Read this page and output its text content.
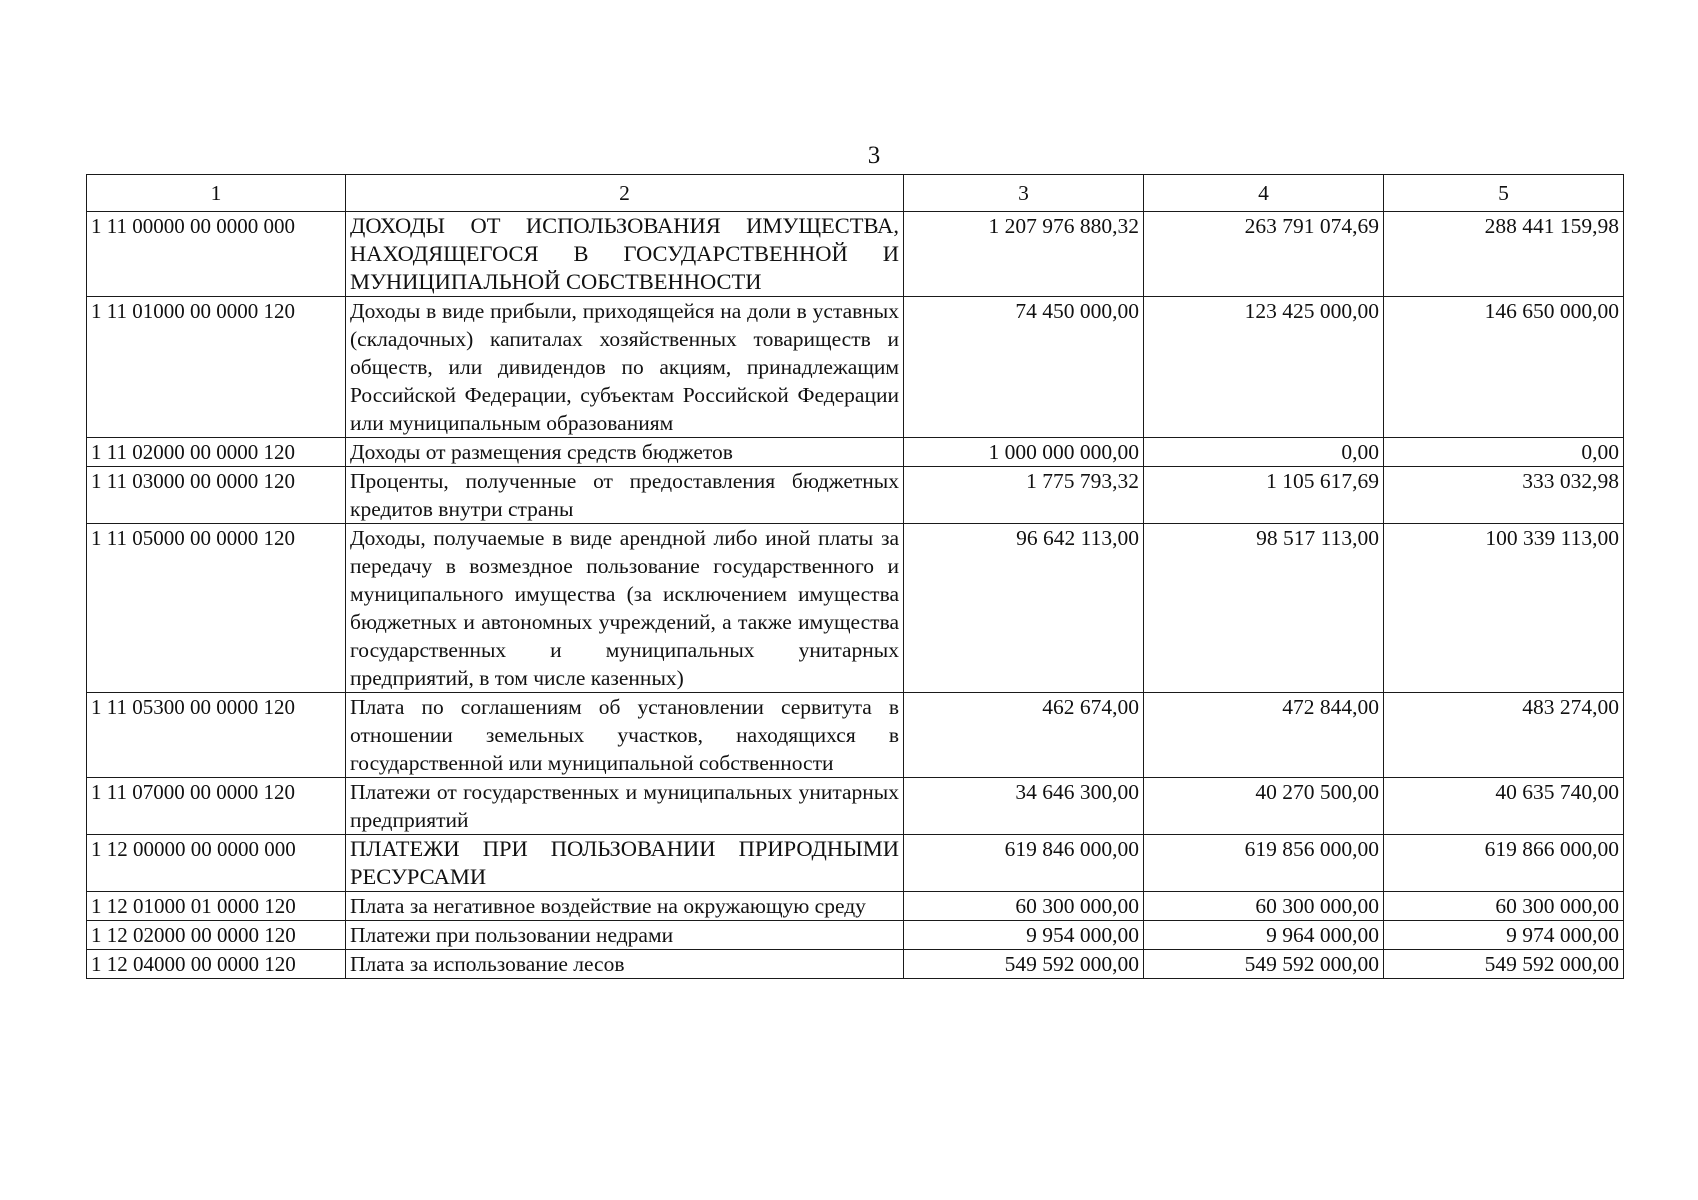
3
1	2	3	4	5
1 11 00000 00 0000 000	ДОХОДЫ ОТ ИСПОЛЬЗОВАНИЯ ИМУЩЕСТВА, НАХОДЯЩЕГОСЯ В ГОСУДАРСТВЕННОЙ И МУНИЦИПАЛЬНОЙ СОБСТВЕННОСТИ	1 207 976 880,32	263 791 074,69	288 441 159,98
1 11 01000 00 0000 120	Доходы в виде прибыли, приходящейся на доли в уставных (складочных) капиталах хозяйственных товариществ и обществ, или дивидендов по акциям, принадлежащим Российской Федерации, субъектам Российской Федерации или муниципальным образованиям	74 450 000,00	123 425 000,00	146 650 000,00
1 11 02000 00 0000 120	Доходы от размещения средств бюджетов	1 000 000 000,00	0,00	0,00
1 11 03000 00 0000 120	Проценты, полученные от предоставления бюджетных кредитов внутри страны	1 775 793,32	1 105 617,69	333 032,98
1 11 05000 00 0000 120	Доходы, получаемые в виде арендной либо иной платы за передачу в возмездное пользование государственного и муниципального имущества (за исключением имущества бюджетных и автономных учреждений, а также имущества государственных и муниципальных унитарных предприятий, в том числе казенных)	96 642 113,00	98 517 113,00	100 339 113,00
1 11 05300 00 0000 120	Плата по соглашениям об установлении сервитута в отношении земельных участков, находящихся в государственной или муниципальной собственности	462 674,00	472 844,00	483 274,00
1 11 07000 00 0000 120	Платежи от государственных и муниципальных унитарных предприятий	34 646 300,00	40 270 500,00	40 635 740,00
1 12 00000 00 0000 000	ПЛАТЕЖИ ПРИ ПОЛЬЗОВАНИИ ПРИРОДНЫМИ РЕСУРСАМИ	619 846 000,00	619 856 000,00	619 866 000,00
1 12 01000 01 0000 120	Плата за негативное воздействие на окружающую среду	60 300 000,00	60 300 000,00	60 300 000,00
1 12 02000 00 0000 120	Платежи при пользовании недрами	9 954 000,00	9 964 000,00	9 974 000,00
1 12 04000 00 0000 120	Плата за использование лесов	549 592 000,00	549 592 000,00	549 592 000,00
